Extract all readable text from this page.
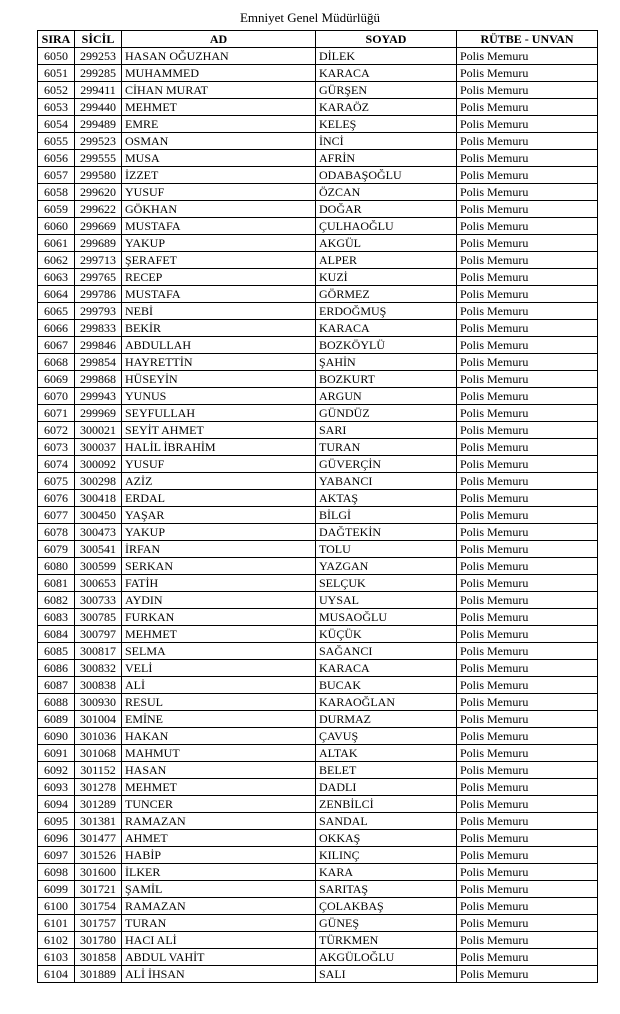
Emniyet Genel Müdürlüğü
SIRA	SİCİL	AD	SOYAD	RÜTBE - UNVAN
6050	299253	HASAN OĞUZHAN	DİLEK	Polis Memuru
6051	299285	MUHAMMED	KARACA	Polis Memuru
6052	299411	CİHAN MURAT	GÜRŞEN	Polis Memuru
6053	299440	MEHMET	KARAÖZ	Polis Memuru
6054	299489	EMRE	KELEŞ	Polis Memuru
6055	299523	OSMAN	İNCİ	Polis Memuru
6056	299555	MUSA	AFRİN	Polis Memuru
6057	299580	İZZET	ODABAŞOĞLU	Polis Memuru
6058	299620	YUSUF	ÖZCAN	Polis Memuru
6059	299622	GÖKHAN	DOĞAR	Polis Memuru
6060	299669	MUSTAFA	ÇULHAOĞLU	Polis Memuru
6061	299689	YAKUP	AKGÜL	Polis Memuru
6062	299713	ŞERAFET	ALPER	Polis Memuru
6063	299765	RECEP	KUZİ	Polis Memuru
6064	299786	MUSTAFA	GÖRMEZ	Polis Memuru
6065	299793	NEBİ	ERDOĞMUŞ	Polis Memuru
6066	299833	BEKİR	KARACA	Polis Memuru
6067	299846	ABDULLAH	BOZKÖYLÜ	Polis Memuru
6068	299854	HAYRETTİN	ŞAHİN	Polis Memuru
6069	299868	HÜSEYİN	BOZKURT	Polis Memuru
6070	299943	YUNUS	ARGUN	Polis Memuru
6071	299969	SEYFULLAH	GÜNDÜZ	Polis Memuru
6072	300021	SEYİT AHMET	SARI	Polis Memuru
6073	300037	HALİL İBRAHİM	TURAN	Polis Memuru
6074	300092	YUSUF	GÜVERÇİN	Polis Memuru
6075	300298	AZİZ	YABANCI	Polis Memuru
6076	300418	ERDAL	AKTAŞ	Polis Memuru
6077	300450	YAŞAR	BİLGİ	Polis Memuru
6078	300473	YAKUP	DAĞTEKİN	Polis Memuru
6079	300541	İRFAN	TOLU	Polis Memuru
6080	300599	SERKAN	YAZGAN	Polis Memuru
6081	300653	FATİH	SELÇUK	Polis Memuru
6082	300733	AYDIN	UYSAL	Polis Memuru
6083	300785	FURKAN	MUSAOĞLU	Polis Memuru
6084	300797	MEHMET	KÜÇÜK	Polis Memuru
6085	300817	SELMA	SAĞANCI	Polis Memuru
6086	300832	VELİ	KARACA	Polis Memuru
6087	300838	ALİ	BUCAK	Polis Memuru
6088	300930	RESUL	KARAOĞLAN	Polis Memuru
6089	301004	EMİNE	DURMAZ	Polis Memuru
6090	301036	HAKAN	ÇAVUŞ	Polis Memuru
6091	301068	MAHMUT	ALTAK	Polis Memuru
6092	301152	HASAN	BELET	Polis Memuru
6093	301278	MEHMET	DADLI	Polis Memuru
6094	301289	TUNCER	ZENBİLCİ	Polis Memuru
6095	301381	RAMAZAN	SANDAL	Polis Memuru
6096	301477	AHMET	OKKAŞ	Polis Memuru
6097	301526	HABİP	KILINÇ	Polis Memuru
6098	301600	İLKER	KARA	Polis Memuru
6099	301721	ŞAMİL	SARITAŞ	Polis Memuru
6100	301754	RAMAZAN	ÇOLAKBAŞ	Polis Memuru
6101	301757	TURAN	GÜNEŞ	Polis Memuru
6102	301780	HACI ALİ	TÜRKMEN	Polis Memuru
6103	301858	ABDUL VAHİT	AKGÜLOĞLU	Polis Memuru
6104	301889	ALİ İHSAN	SALI	Polis Memuru
